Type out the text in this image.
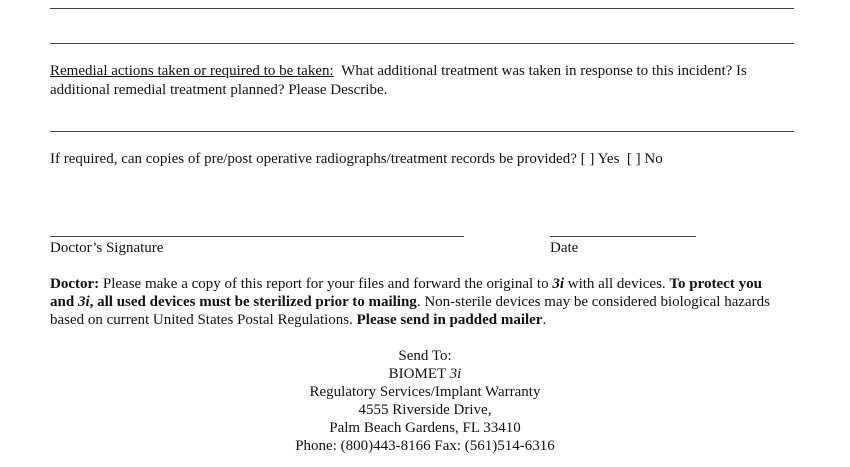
Remedial actions taken or required to be taken: What additional treatment was taken in response to this incident? Is
additional remedial treatment planned? Please Describe.
If required, can copies of pre/post operative radiographs/treatment records be provided? [ ] Yes [ ] No
Doctor’s Signature	Date
Doctor: Please make a copy of this report for your files and forward the original to 3i with all devices. To protect you
and 3i, all used devices must be sterilized prior to mailing. Non-sterile devices may be considered biological hazards
based on current United States Postal Regulations. Please send in padded mailer.
Send To:
BIOMET 3i
Regulatory Services/Implant Warranty
4555 Riverside Drive,
Palm Beach Gardens, FL 33410
Phone: (800)443-8166 Fax: (561)514-6316
